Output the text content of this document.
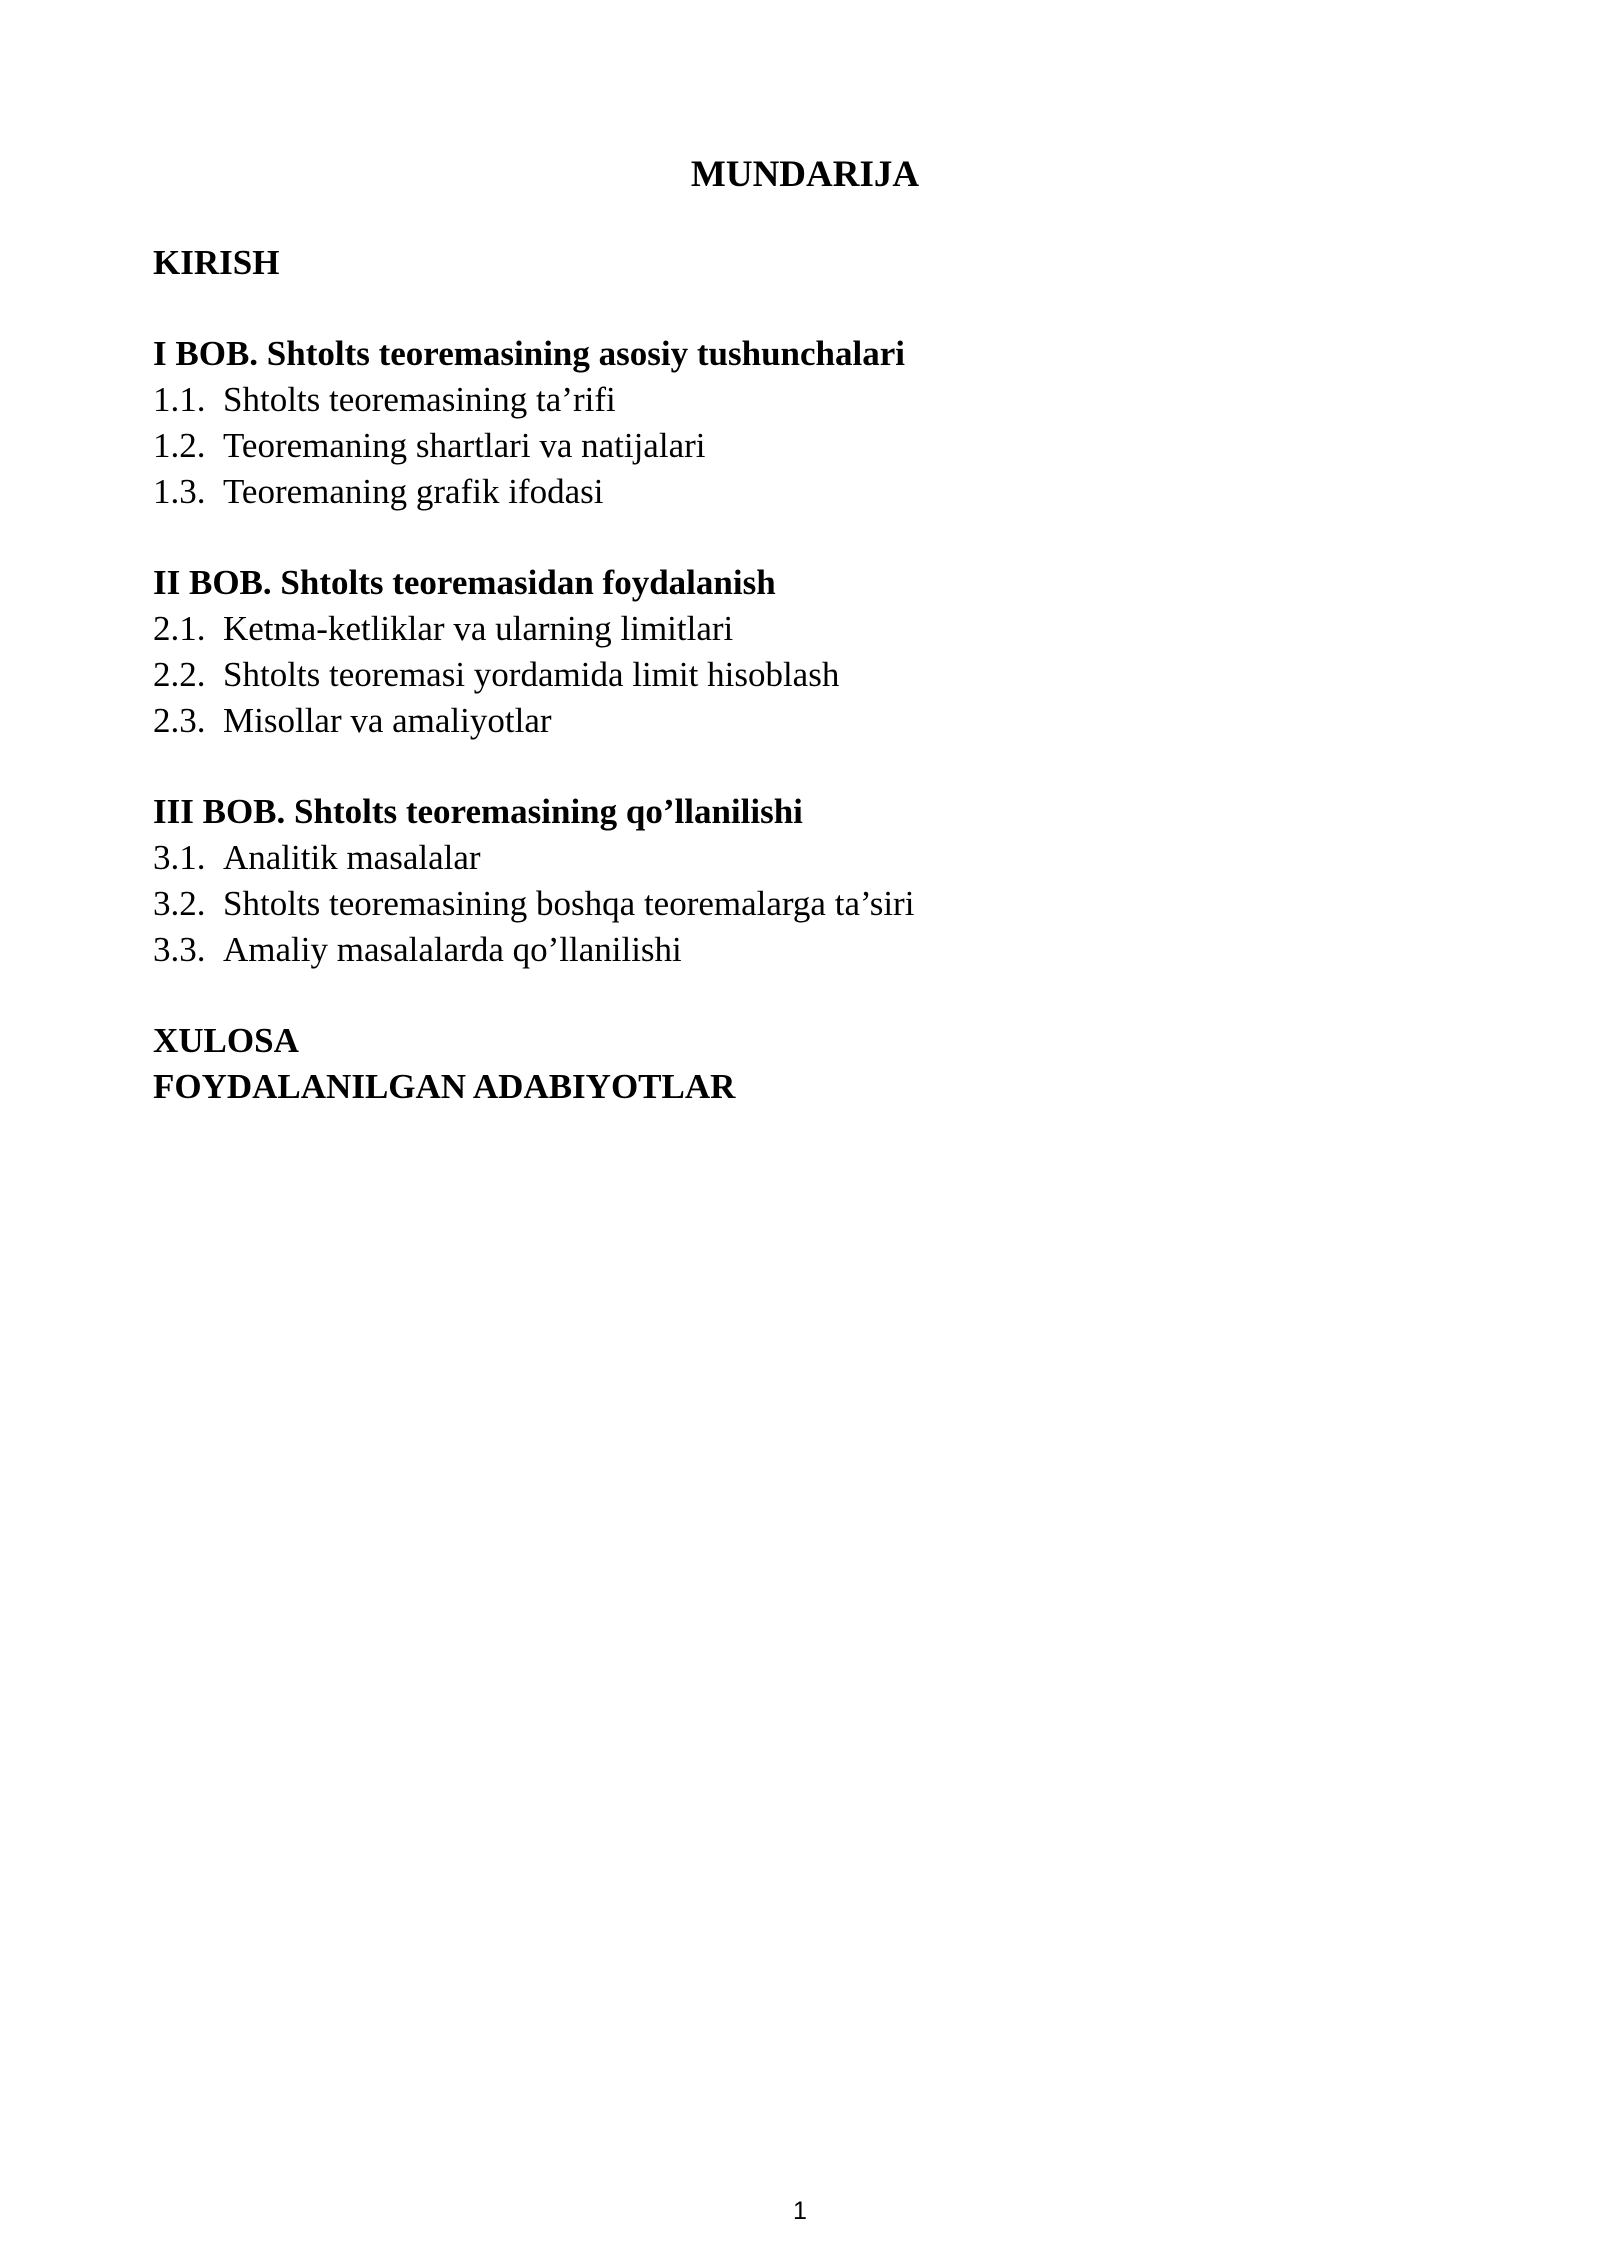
MUNDARIJA
KIRISH
I BOB. Shtolts teoremasining asosiy tushunchalari
1.1. Shtolts teoremasining ta’rifi
1.2. Teoremaning shartlari va natijalari
1.3. Teoremaning grafik ifodasi
II BOB. Shtolts teoremasidan foydalanish
2.1. Ketma-ketliklar va ularning limitlari
2.2. Shtolts teoremasi yordamida limit hisoblash
2.3. Misollar va amaliyotlar
III BOB. Shtolts teoremasining qo’llanilishi
3.1. Analitik masalalar
3.2. Shtolts teoremasining boshqa teoremalarga ta’siri
3.3. Amaliy masalalarda qo’llanilishi
XULOSA
FOYDALANILGAN ADABIYOTLAR
1
